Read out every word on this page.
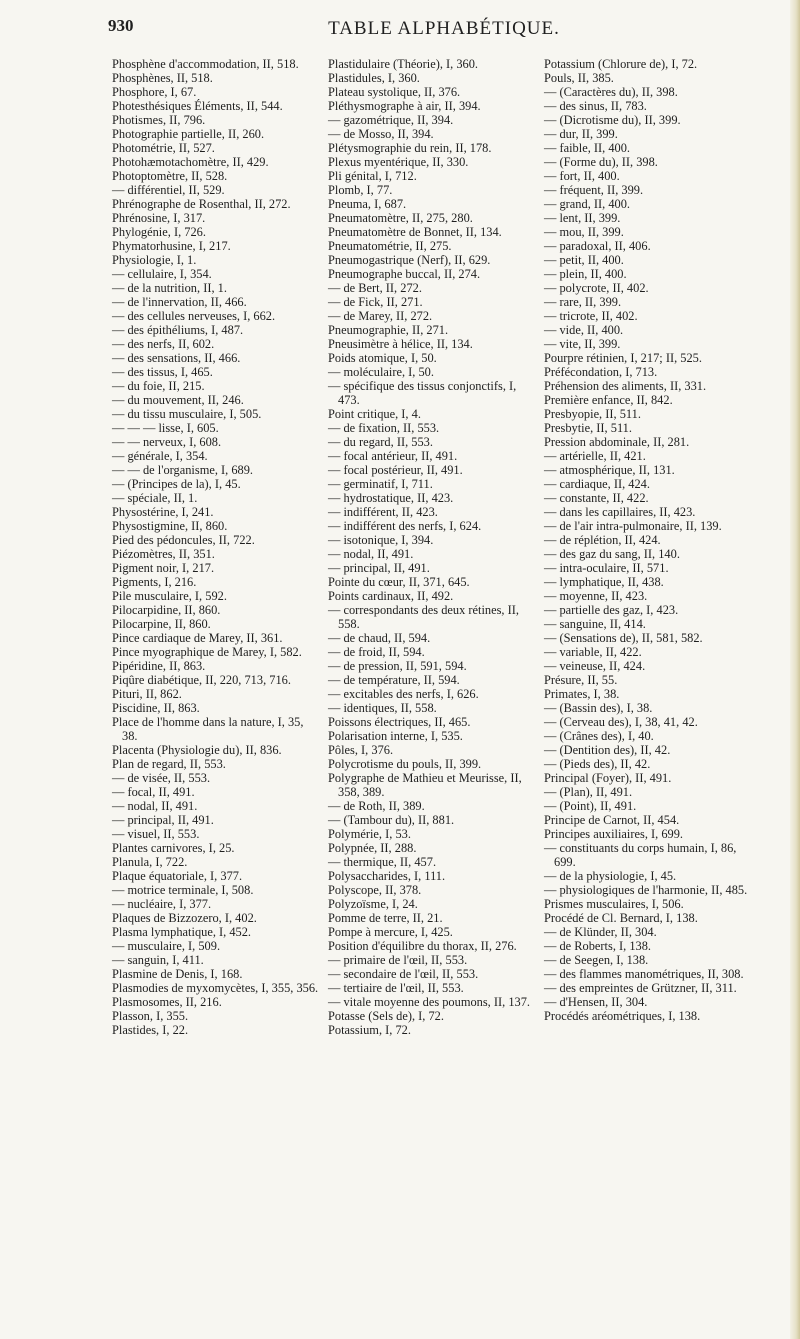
930	TABLE ALPHABÉTIQUE.

Phosphène d'accommodation, II, 518.

Phosphènes, II, 518.

Phosphore, I, 67.

Photesthésiques Éléments, II, 544.

Photismes, II, 796.

Photographie partielle, II, 260.

Photométrie, II, 527.

Photohæmotachomètre, II, 429.

Photoptomètre, II, 528.

— différentiel, II, 529.

Phrénographe de Rosenthal, II, 272.

Phrénosine, I, 317.

Phylogénie, I, 726.

Phymatorhusine, I, 217.

Physiologie, I, 1.

— cellulaire, I, 354.

— de la nutrition, II, 1.

— de l'innervation, II, 466.

— des cellules nerveuses, I, 662.

— des épithéliums, I, 487.

— des nerfs, II, 602.

— des sensations, II, 466.

— des tissus, I, 465.

— du foie, II, 215.

— du mouvement, II, 246.

— du tissu musculaire, I, 505.

— — — lisse, I, 605.

— — nerveux, I, 608.

— générale, I, 354.

— — de l'organisme, I, 689.

— (Principes de la), I, 45.

— spéciale, II, 1.

Physostérine, I, 241.

Physostigmine, II, 860.

Pied des pédoncules, II, 722.

Piézomètres, II, 351.

Pigment noir, I, 217.

Pigments, I, 216.

Pile musculaire, I, 592.

Pilocarpidine, II, 860.

Pilocarpine, II, 860.

Pince cardiaque de Marey, II, 361.

Pince myographique de Marey, I, 582.

Pipéridine, II, 863.

Piqûre diabétique, II, 220, 713, 716.

Pituri, II, 862.

Piscidine, II, 863.

Place de l'homme dans la nature, I, 35, 38.

Placenta (Physiologie du), II, 836.

Plan de regard, II, 553.

— de visée, II, 553.

— focal, II, 491.

— nodal, II, 491.

— principal, II, 491.

— visuel, II, 553.

Plantes carnivores, I, 25.

Planula, I, 722.

Plaque équatoriale, I, 377.

— motrice terminale, I, 508.

— nucléaire, I, 377.

Plaques de Bizzozero, I, 402.

Plasma lymphatique, I, 452.

— musculaire, I, 509.

— sanguin, I, 411.

Plasmine de Denis, I, 168.

Plasmodies de myxomycètes, I, 355, 356.

Plasmosomes, II, 216.

Plasson, I, 355.

Plastides, I, 22.

Plastidulaire (Théorie), I, 360.

Plastidules, I, 360.

Plateau systolique, II, 376.

Pléthysmographe à air, II, 394.

— gazométrique, II, 394.

— de Mosso, II, 394.

Plétysmographie du rein, II, 178.

Plexus myentérique, II, 330.

Pli génital, I, 712.

Plomb, I, 77.

Pneuma, I, 687.

Pneumatomètre, II, 275, 280.

Pneumatomètre de Bonnet, II, 134.

Pneumatométrie, II, 275.

Pneumogastrique (Nerf), II, 629.

Pneumographe buccal, II, 274.

— de Bert, II, 272.

— de Fick, II, 271.

— de Marey, II, 272.

Pneumographie, II, 271.

Pneusimètre à hélice, II, 134.

Poids atomique, I, 50.

— moléculaire, I, 50.

— spécifique des tissus conjonctifs, I, 473.

Point critique, I, 4.

— de fixation, II, 553.

— du regard, II, 553.

— focal antérieur, II, 491.

— focal postérieur, II, 491.

— germinatif, I, 711.

— hydrostatique, II, 423.

— indifférent, II, 423.

— indifférent des nerfs, I, 624.

— isotonique, I, 394.

— nodal, II, 491.

— principal, II, 491.

Pointe du cœur, II, 371, 645.

Points cardinaux, II, 492.

— correspondants des deux rétines, II, 558.

— de chaud, II, 594.

— de froid, II, 594.

— de pression, II, 591, 594.

— de température, II, 594.

— excitables des nerfs, I, 626.

— identiques, II, 558.

Poissons électriques, II, 465.

Polarisation interne, I, 535.

Pôles, I, 376.

Polycrotisme du pouls, II, 399.

Polygraphe de Mathieu et Meurisse, II, 358, 389.

— de Roth, II, 389.

— (Tambour du), II, 881.

Polymérie, I, 53.

Polypnée, II, 288.

— thermique, II, 457.

Polysaccharides, I, 111.

Polyscope, II, 378.

Polyzoïsme, I, 24.

Pomme de terre, II, 21.

Pompe à mercure, I, 425.

Position d'équilibre du thorax, II, 276.

— primaire de l'œil, II, 553.

— secondaire de l'œil, II, 553.

— tertiaire de l'œil, II, 553.

— vitale moyenne des poumons, II, 137.

Potasse (Sels de), I, 72.

Potassium, I, 72.

Potassium (Chlorure de), I, 72.

Pouls, II, 385.

— (Caractères du), II, 398.

— des sinus, II, 783.

— (Dicrotisme du), II, 399.

— dur, II, 399.

— faible, II, 400.

— (Forme du), II, 398.

— fort, II, 400.

— fréquent, II, 399.

— grand, II, 400.

— lent, II, 399.

— mou, II, 399.

— paradoxal, II, 406.

— petit, II, 400.

— plein, II, 400.

— polycrote, II, 402.

— rare, II, 399.

— tricrote, II, 402.

— vide, II, 400.

— vite, II, 399.

Pourpre rétinien, I, 217; II, 525.

Préfécondation, I, 713.

Préhension des aliments, II, 331.

Première enfance, II, 842.

Presbyopie, II, 511.

Presbytie, II, 511.

Pression abdominale, II, 281.

— artérielle, II, 421.

— atmosphérique, II, 131.

— cardiaque, II, 424.

— constante, II, 422.

— dans les capillaires, II, 423.

— de l'air intra-pulmonaire, II, 139.

— de réplétion, II, 424.

— des gaz du sang, II, 140.

— intra-oculaire, II, 571.

— lymphatique, II, 438.

— moyenne, II, 423.

— partielle des gaz, I, 423.

— sanguine, II, 414.

— (Sensations de), II, 581, 582.

— variable, II, 422.

— veineuse, II, 424.

Présure, II, 55.

Primates, I, 38.

— (Bassin des), I, 38.

— (Cerveau des), I, 38, 41, 42.

— (Crânes des), I, 40.

— (Dentition des), II, 42.

— (Pieds des), II, 42.

Principal (Foyer), II, 491.

— (Plan), II, 491.

— (Point), II, 491.

Principe de Carnot, II, 454.

Principes auxiliaires, I, 699.

— constituants du corps humain, I, 86, 699.

— de la physiologie, I, 45.

— physiologiques de l'harmonie, II, 485.

Prismes musculaires, I, 506.

Procédé de Cl. Bernard, I, 138.

— de Klünder, II, 304.

— de Roberts, I, 138.

— de Seegen, I, 138.

— des flammes manométriques, II, 308.

— des empreintes de Grützner, II, 311.

— d'Hensen, II, 304.

Procédés aréométriques, I, 138.
